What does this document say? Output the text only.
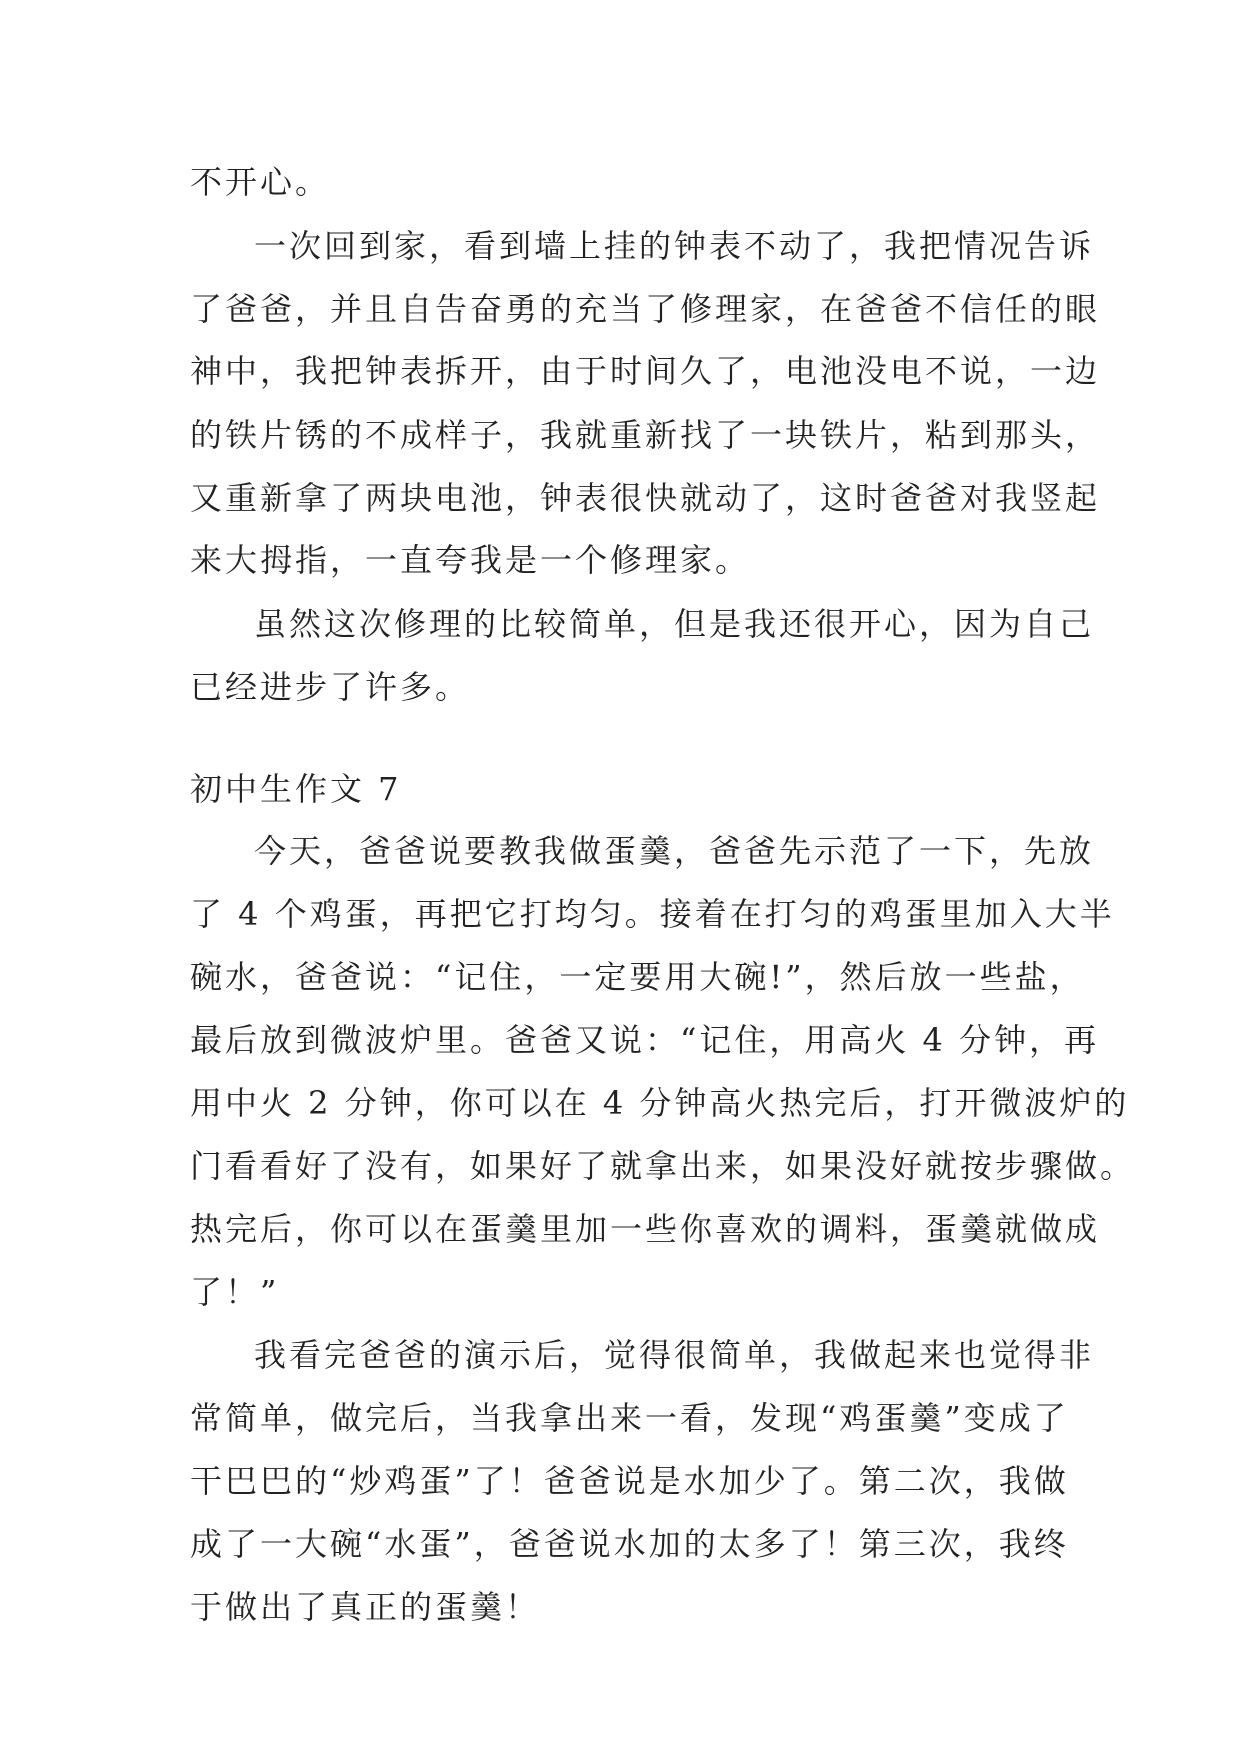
不开心。
一次回到家，看到墙上挂的钟表不动了，我把情况告诉
了爸爸，并且自告奋勇的充当了修理家，在爸爸不信任的眼
神中，我把钟表拆开，由于时间久了，电池没电不说，一边
的铁片锈的不成样子，我就重新找了一块铁片，粘到那头，
又重新拿了两块电池，钟表很快就动了，这时爸爸对我竖起
来大拇指，一直夸我是一个修理家。
虽然这次修理的比较简单，但是我还很开心，因为自己
已经进步了许多。
初中生作文 7
今天，爸爸说要教我做蛋羹，爸爸先示范了一下，先放
了 4 个鸡蛋，再把它打均匀。接着在打匀的鸡蛋里加入大半
碗水，爸爸说：“记住，一定要用大碗!”，然后放一些盐，
最后放到微波炉里。爸爸又说：“记住，用高火 4 分钟，再
用中火 2 分钟，你可以在 4 分钟高火热完后，打开微波炉的
门看看好了没有，如果好了就拿出来，如果没好就按步骤做。
热完后，你可以在蛋羹里加一些你喜欢的调料，蛋羹就做成
了！”
我看完爸爸的演示后，觉得很简单，我做起来也觉得非
常简单，做完后，当我拿出来一看，发现“鸡蛋羹”变成了
干巴巴的“炒鸡蛋”了！爸爸说是水加少了。第二次，我做
成了一大碗“水蛋”，爸爸说水加的太多了！第三次，我终
于做出了真正的蛋羹！
